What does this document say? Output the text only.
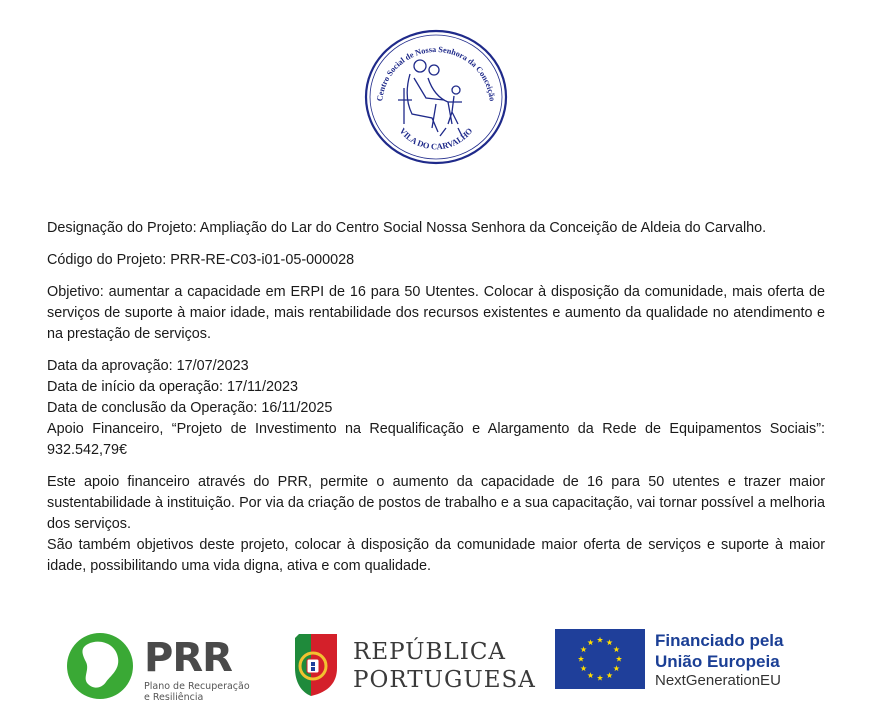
Centro Social de Nossa Senhora da Conceição
VILA DO CARVALHO

Designação do Projeto: Ampliação do Lar do Centro Social Nossa Senhora da Conceição de Aldeia do Carvalho.

Código do Projeto: PRR-RE-C03-i01-05-000028

Objetivo: aumentar a capacidade em ERPI de 16 para 50 Utentes. Colocar à disposição da comunidade, mais oferta de serviços de suporte à maior idade, mais rentabilidade dos recursos existentes e aumento da qualidade no atendimento e na prestação de serviços.

Data da aprovação: 17/07/2023

Data de início da operação: 17/11/2023

Data de conclusão da Operação: 16/11/2025

Apoio Financeiro, “Projeto de Investimento na Requalificação e Alargamento da Rede de Equipamentos Sociais”: 932.542,79€

Este apoio financeiro através do PRR, permite o aumento da capacidade de 16 para 50 utentes e trazer maior sustentabilidade à instituição. Por via da criação de postos de trabalho e a sua capacitação, vai tornar possível a melhoria dos serviços.

São também objetivos deste projeto, colocar à disposição da comunidade maior oferta de serviços e suporte à maior idade, possibilitando uma vida digna, ativa e com qualidade.

PRR
Plano de Recuperação
e Resiliência
REPÚBLICA
PORTUGUESA
Financiado pela
União Europeia
NextGenerationEU
